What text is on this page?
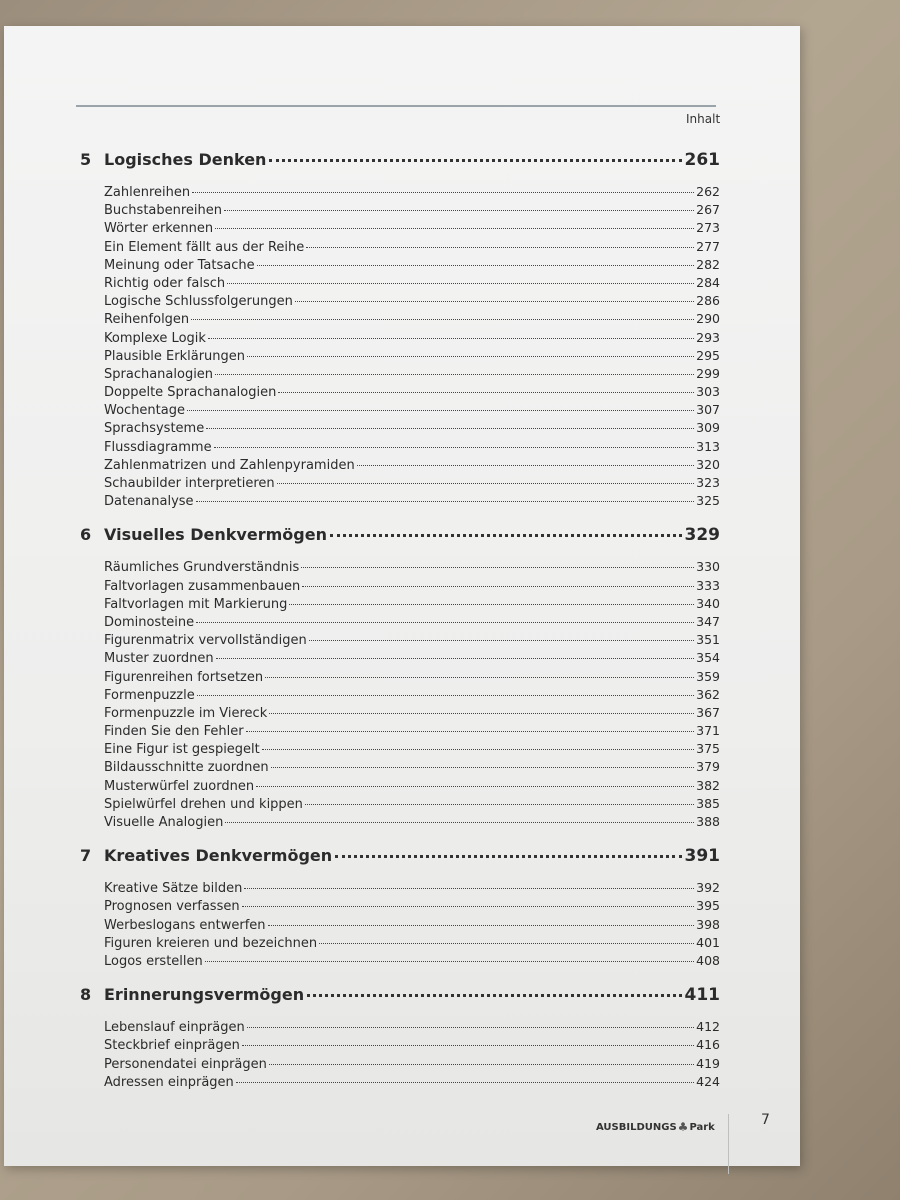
Inhalt
5 Logisches Denken	261
Zahlenreihen	262
Buchstabenreihen	267
Wörter erkennen	273
Ein Element fällt aus der Reihe	277
Meinung oder Tatsache	282
Richtig oder falsch	284
Logische Schlussfolgerungen	286
Reihenfolgen	290
Komplexe Logik	293
Plausible Erklärungen	295
Sprachanalogien	299
Doppelte Sprachanalogien	303
Wochentage	307
Sprachsysteme	309
Flussdiagramme	313
Zahlenmatrizen und Zahlenpyramiden	320
Schaubilder interpretieren	323
Datenanalyse	325
6 Visuelles Denkvermögen	329
Räumliches Grundverständnis	330
Faltvorlagen zusammenbauen	333
Faltvorlagen mit Markierung	340
Dominosteine	347
Figurenmatrix vervollständigen	351
Muster zuordnen	354
Figurenreihen fortsetzen	359
Formenpuzzle	362
Formenpuzzle im Viereck	367
Finden Sie den Fehler	371
Eine Figur ist gespiegelt	375
Bildausschnitte zuordnen	379
Musterwürfel zuordnen	382
Spielwürfel drehen und kippen	385
Visuelle Analogien	388
7 Kreatives Denkvermögen	391
Kreative Sätze bilden	392
Prognosen verfassen	395
Werbeslogans entwerfen	398
Figuren kreieren und bezeichnen	401
Logos erstellen	408
8 Erinnerungsvermögen	411
Lebenslauf einprägen	412
Steckbrief einprägen	416
Personendatei einprägen	419
Adressen einprägen	424
AUSBILDUNGS ♣ Park	7
